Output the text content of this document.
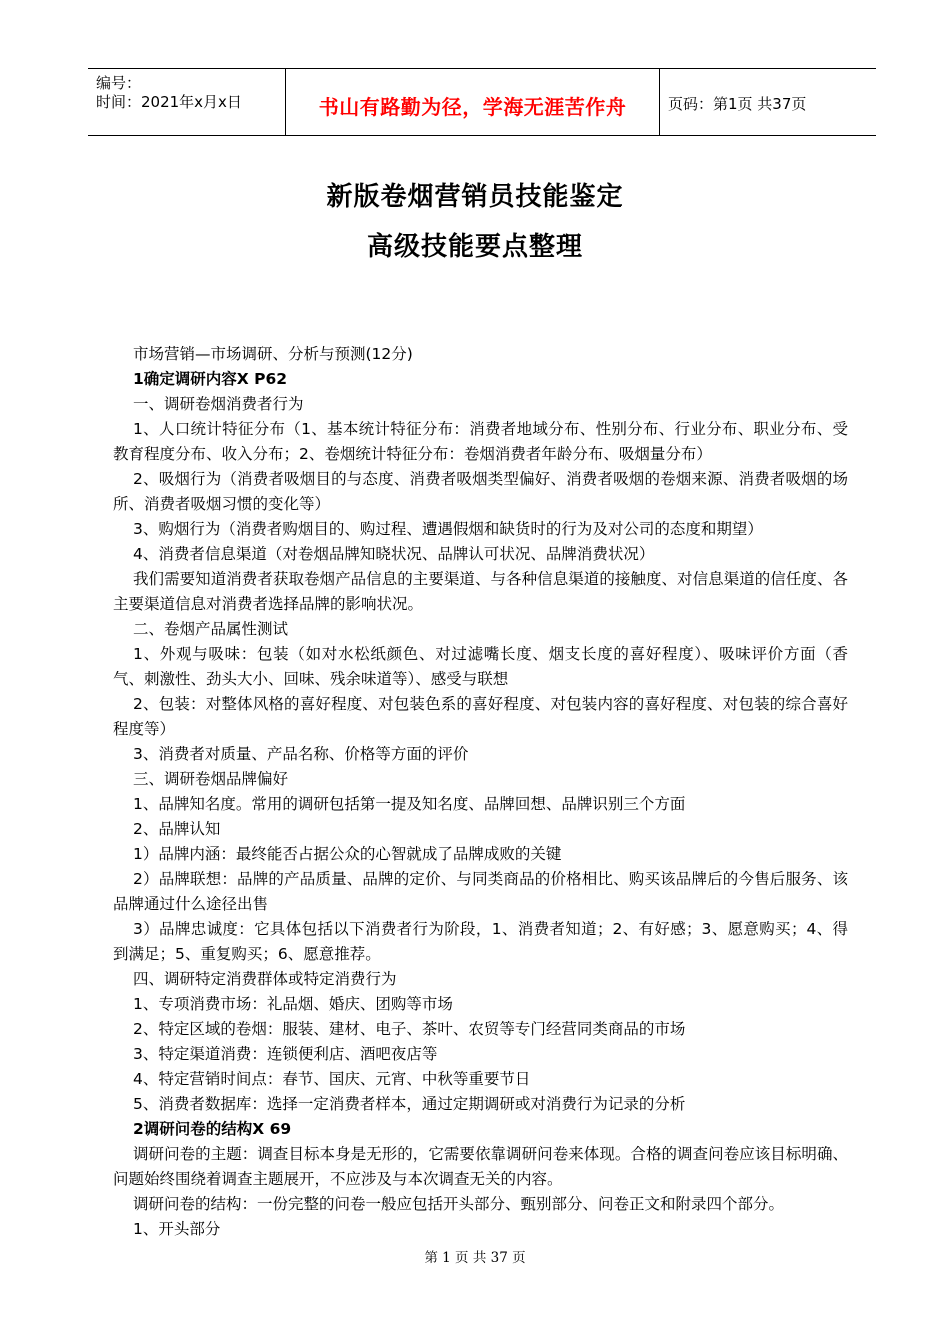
编号：
时间：2021年x月x日	书山有路勤为径，学海无涯苦作舟	页码：第1页 共37页
新版卷烟营销员技能鉴定
高级技能要点整理

市场营销—市场调研、分析与预测(12分)

1确定调研内容X P62

一、调研卷烟消费者行为

1、人口统计特征分布（1、基本统计特征分布：消费者地域分布、性别分布、行业分布、职业分布、受教育程度分布、收入分布；2、卷烟统计特征分布：卷烟消费者年龄分布、吸烟量分布）

2、吸烟行为（消费者吸烟目的与态度、消费者吸烟类型偏好、消费者吸烟的卷烟来源、消费者吸烟的场所、消费者吸烟习惯的变化等）

3、购烟行为（消费者购烟目的、购过程、遭遇假烟和缺货时的行为及对公司的态度和期望）

4、消费者信息渠道（对卷烟品牌知晓状况、品牌认可状况、品牌消费状况）

我们需要知道消费者获取卷烟产品信息的主要渠道、与各种信息渠道的接触度、对信息渠道的信任度、各主要渠道信息对消费者选择品牌的影响状况。

二、卷烟产品属性测试

1、外观与吸味：包装（如对水松纸颜色、对过滤嘴长度、烟支长度的喜好程度）、吸味评价方面（香气、刺激性、劲头大小、回味、残余味道等）、感受与联想

2、包装：对整体风格的喜好程度、对包装色系的喜好程度、对包装内容的喜好程度、对包装的综合喜好程度等）

3、消费者对质量、产品名称、价格等方面的评价

三、调研卷烟品牌偏好

1、品牌知名度。常用的调研包括第一提及知名度、品牌回想、品牌识别三个方面

2、品牌认知

1）品牌内涵：最终能否占据公众的心智就成了品牌成败的关键

2）品牌联想：品牌的产品质量、品牌的定价、与同类商品的价格相比、购买该品牌后的今售后服务、该品牌通过什么途径出售

3）品牌忠诚度：它具体包括以下消费者行为阶段，1、消费者知道；2、有好感；3、愿意购买；4、得到满足；5、重复购买；6、愿意推荐。

四、调研特定消费群体或特定消费行为

1、专项消费市场：礼品烟、婚庆、团购等市场

2、特定区域的卷烟：服装、建材、电子、茶叶、农贸等专门经营同类商品的市场

3、特定渠道消费：连锁便利店、酒吧夜店等

4、特定营销时间点：春节、国庆、元宵、中秋等重要节日

5、消费者数据库：选择一定消费者样本，通过定期调研或对消费行为记录的分析

2调研问卷的结构X 69

调研问卷的主题：调查目标本身是无形的，它需要依靠调研问卷来体现。合格的调查问卷应该目标明确、问题始终围绕着调查主题展开，不应涉及与本次调查无关的内容。

调研问卷的结构：一份完整的问卷一般应包括开头部分、甄别部分、问卷正文和附录四个部分。

1、开头部分

第 1 页 共 37 页
